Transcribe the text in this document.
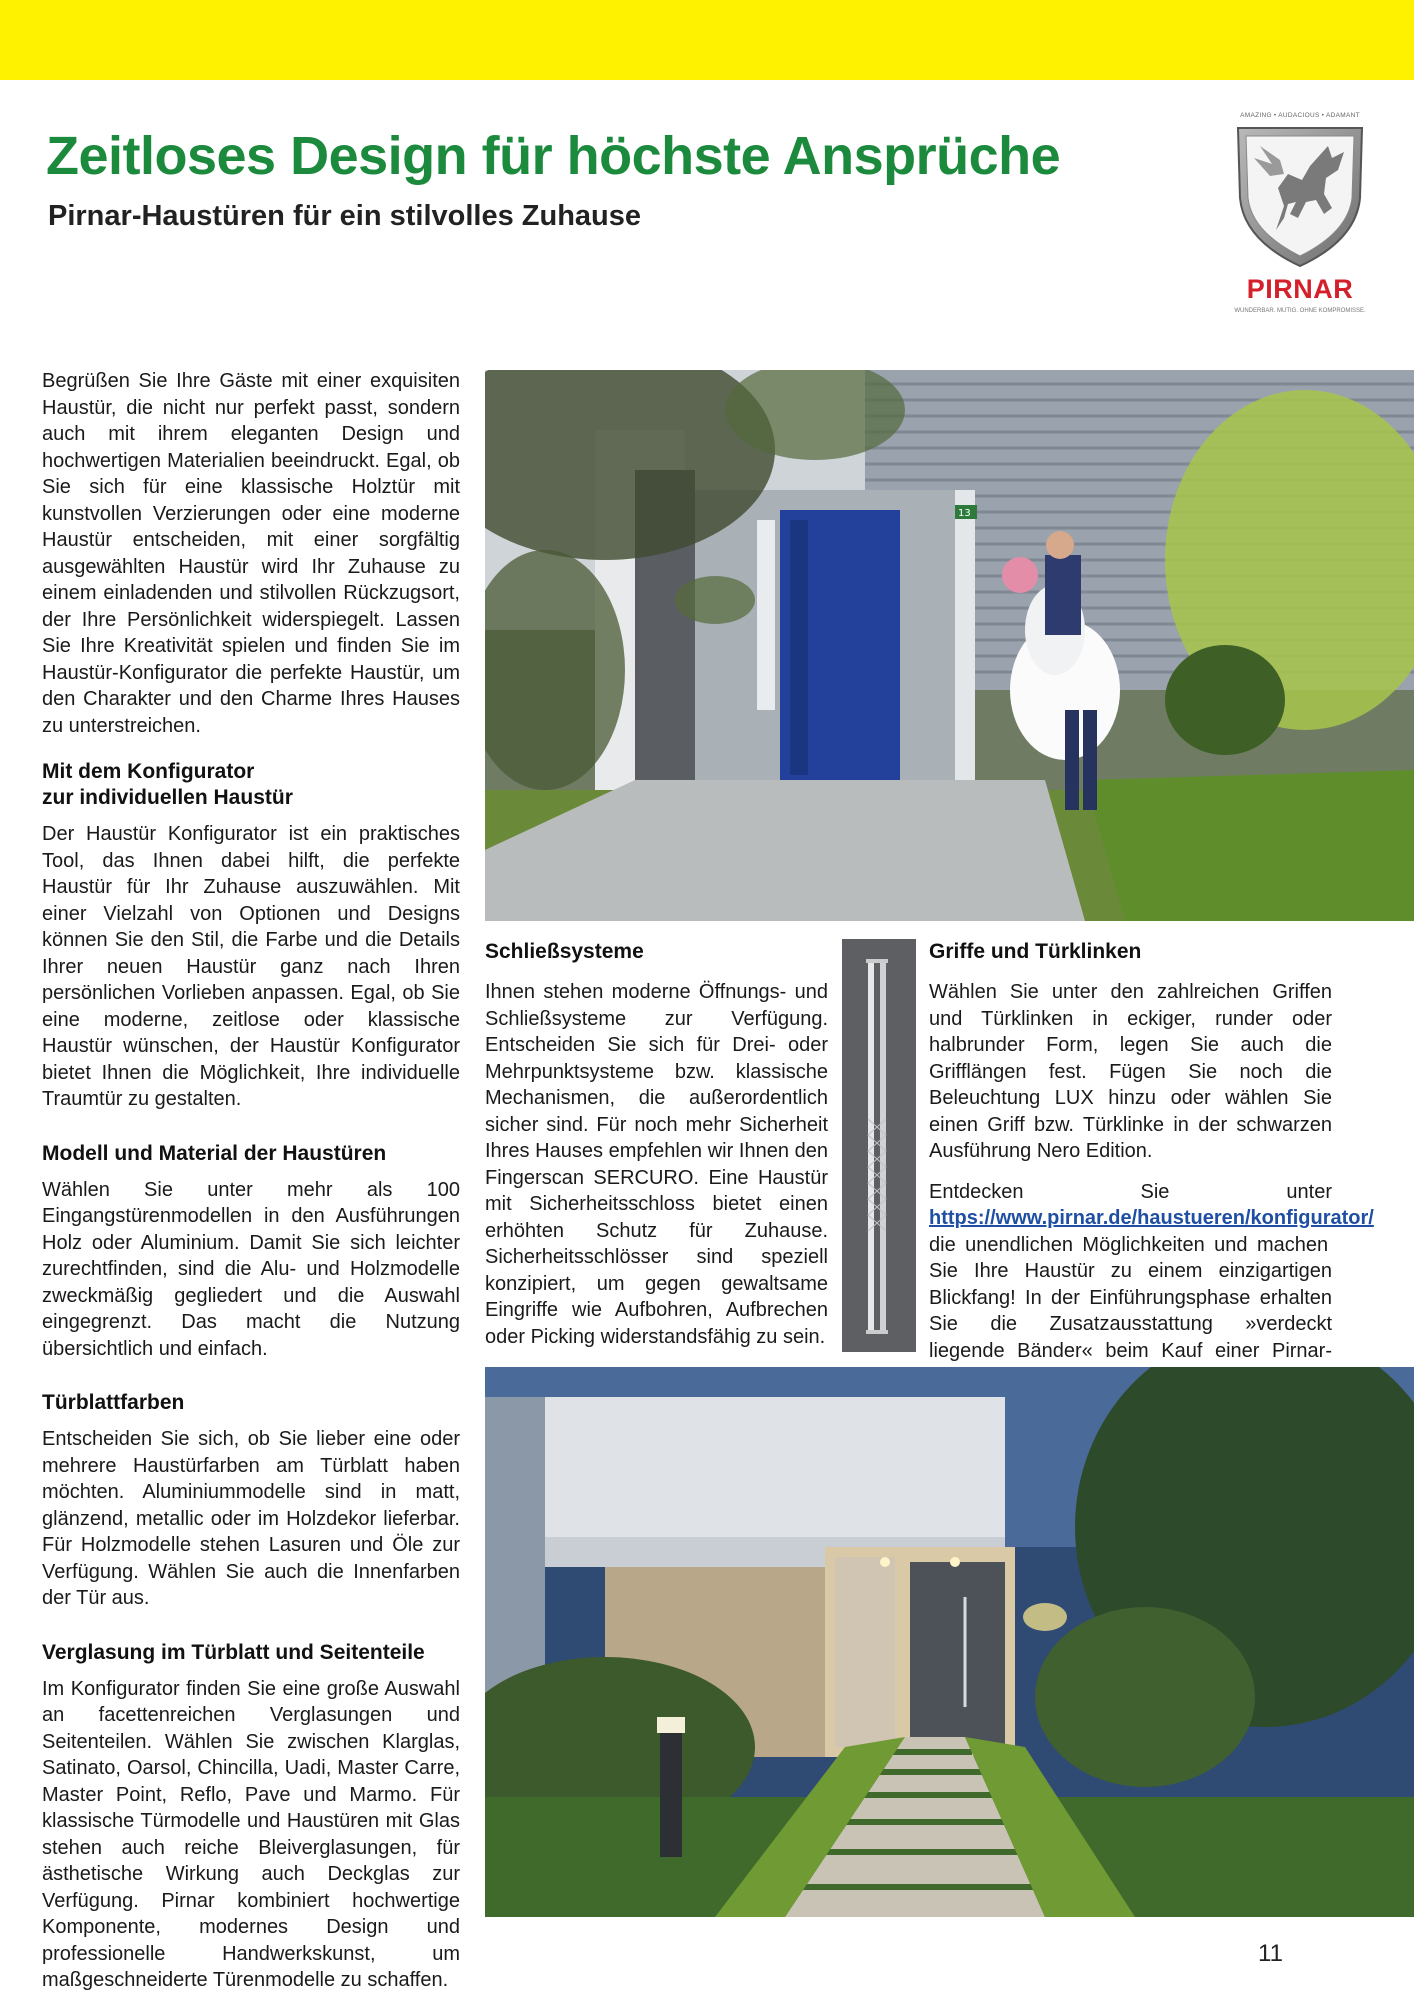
Zeitloses Design für höchste Ansprüche
Pirnar-Haustüren für ein stilvolles Zuhause
AMAZING • AUDACIOUS • ADAMANT
PIRNAR
WUNDERBAR. MUTIG. OHNE KOMPROMISSE.

Begrüßen Sie Ihre Gäste mit einer exquisiten Haustür, die nicht nur perfekt passt, sondern auch mit ihrem eleganten Design und hochwertigen Materialien beeindruckt. Egal, ob Sie sich für eine klassische Holztür mit kunstvollen Verzierungen oder eine moderne Haustür entscheiden, mit einer sorgfältig ausgewählten Haustür wird Ihr Zuhause zu einem einladenden und stilvollen Rückzugsort, der Ihre Persönlichkeit widerspiegelt. Lassen Sie Ihre Kreativität spielen und finden Sie im Haustür-Konfigurator die perfekte Haustür, um den Charakter und den Charme Ihres Hauses zu unterstreichen.

Mit dem Konfigurator
zur individuellen Haustür

Der Haustür Konfigurator ist ein praktisches Tool, das Ihnen dabei hilft, die perfekte Haustür für Ihr Zuhause auszuwählen. Mit einer Vielzahl von Optionen und Designs können Sie den Stil, die Farbe und die Details Ihrer neuen Haustür ganz nach Ihren persönlichen Vorlieben anpassen. Egal, ob Sie eine moderne, zeitlose oder klassische Haustür wünschen, der Haustür Konfigurator bietet Ihnen die Möglichkeit, Ihre individuelle Traumtür zu gestalten.

Modell und Material der Haustüren

Wählen Sie unter mehr als 100 Eingangstürenmodellen in den Ausführungen Holz oder Aluminium. Damit Sie sich leichter zurechtfinden, sind die Alu- und Holzmodelle zweckmäßig gegliedert und die Auswahl eingegrenzt. Das macht die Nutzung übersichtlich und einfach.

Türblattfarben

Entscheiden Sie sich, ob Sie lieber eine oder mehrere Haustürfarben am Türblatt haben möchten. Aluminiummodelle sind in matt, glänzend, metallic oder im Holzdekor lieferbar. Für Holzmodelle stehen Lasuren und Öle zur Verfügung. Wählen Sie auch die Innenfarben der Tür aus.

Verglasung im Türblatt und Seitenteile

Im Konfigurator finden Sie eine große Auswahl an facettenreichen Verglasungen und Seitenteilen. Wählen Sie zwischen Klarglas, Satinato, Oarsol, Chincilla, Uadi, Master Carre, Master Point, Reflo, Pave und Marmo. Für klassische Türmodelle und Haustüren mit Glas stehen auch reiche Bleiverglasungen, für ästhetische Wirkung auch Deckglas zur Verfügung. Pirnar kombiniert hochwertige Komponente, modernes Design und professionelle Handwerkskunst, um maßgeschneiderte Türenmodelle zu schaffen.

13
Schließsysteme

Ihnen stehen moderne Öffnungs- und Schließsysteme zur Verfügung. Entscheiden Sie sich für Drei- oder Mehrpunktsysteme bzw. klassische Mechanismen, die außerordentlich sicher sind. Für noch mehr Sicherheit Ihres Hauses empfehlen wir Ihnen den Fingerscan SERCURO. Eine Haustür mit Sicherheitsschloss bietet einen erhöhten Schutz für Zuhause. Sicherheitsschlösser sind speziell konzipiert, um gegen gewaltsame Eingriffe wie Aufbohren, Aufbrechen oder Picking widerstandsfähig zu sein.

Griffe und Türklinken

Wählen Sie unter den zahlreichen Griffen und Türklinken in eckiger, runder oder halbrunder Form, legen Sie auch die Grifflängen fest. Fügen Sie noch die Beleuchtung LUX hinzu oder wählen Sie einen Griff bzw. Türklinke in der schwarzen Ausführung Nero Edition.

Entdecken Sie unter https://www.pirnar.de/haustueren/konfigurator/ die unendlichen Möglichkeiten und machen Sie Ihre Haustür zu einem einzigartigen Blickfang! In der Einführungsphase erhalten Sie die Zusatzausstattung »verdeckt liegende Bänder« beim Kauf einer Pirnar-

11
